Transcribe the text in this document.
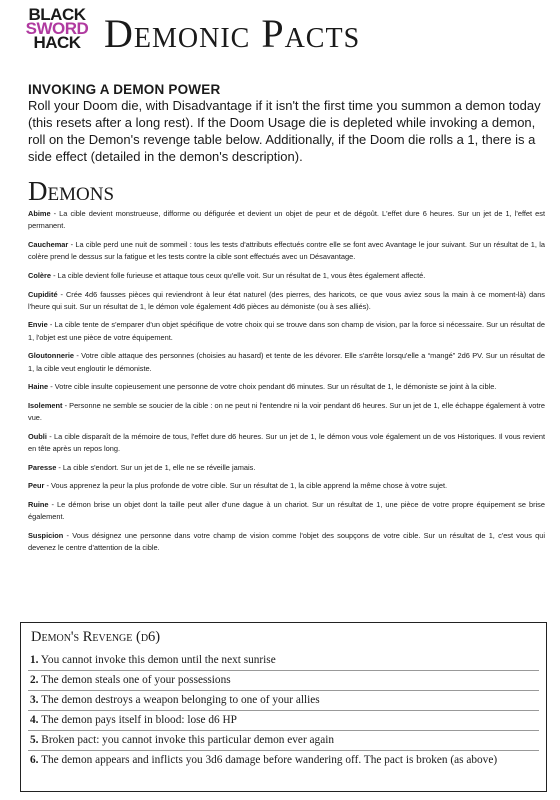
BLACK
SWORD
HACK Demonic Pacts
INVOKING A DEMON POWER
Roll your Doom die, with Disadvantage if it isn't the first time you summon a demon today (this resets after a long rest). If the Doom Usage die is depleted while invoking a demon, roll on the Demon's revenge table below. Additionally, if the Doom die rolls a 1, there is a side effect (detailed in the demon's description).
Demons

Abime - La cible devient monstrueuse, difforme ou défigurée et devient un objet de peur et de dégoût. L'effet dure 6 heures. Sur un jet de 1, l'effet est permanent.

Cauchemar - La cible perd une nuit de sommeil : tous les tests d'attributs effectués contre elle se font avec Avantage le jour suivant. Sur un résultat de 1, la colère prend le dessus sur la fatigue et les tests contre la cible sont effectués avec un Désavantage.

Colère - La cible devient folle furieuse et attaque tous ceux qu'elle voit. Sur un résultat de 1, vous êtes également affecté.

Cupidité - Crée 4d6 fausses pièces qui reviendront à leur état naturel (des pierres, des haricots, ce que vous aviez sous la main à ce moment-là) dans l'heure qui suit. Sur un résultat de 1, le démon vole également 4d6 pièces au démoniste (ou à ses alliés).

Envie - La cible tente de s'emparer d'un objet spécifique de votre choix qui se trouve dans son champ de vision, par la force si nécessaire. Sur un résultat de 1, l'objet est une pièce de votre équipement.

Gloutonnerie - Votre cible attaque des personnes (choisies au hasard) et tente de les dévorer. Elle s'arrête lorsqu'elle a “mangé” 2d6 PV. Sur un résultat de 1, la cible veut engloutir le démoniste.

Haine - Votre cible insulte copieusement une personne de votre choix pendant d6 minutes. Sur un résultat de 1, le démoniste se joint à la cible.

Isolement - Personne ne semble se soucier de la cible : on ne peut ni l'entendre ni la voir pendant d6 heures. Sur un jet de 1, elle échappe également à votre vue.

Oubli - La cible disparaît de la mémoire de tous, l'effet dure d6 heures. Sur un jet de 1, le démon vous vole également un de vos Historiques. Il vous revient en tête après un repos long.

Paresse - La cible s'endort. Sur un jet de 1, elle ne se réveille jamais.

Peur - Vous apprenez la peur la plus profonde de votre cible. Sur un résultat de 1, la cible apprend la même chose à votre sujet.

Ruine - Le démon brise un objet dont la taille peut aller d'une dague à un chariot. Sur un résultat de 1, une pièce de votre propre équipement se brise également.

Suspicion - Vous désignez une personne dans votre champ de vision comme l'objet des soupçons de votre cible. Sur un résultat de 1, c'est vous qui devenez le centre d'attention de la cible.

Demon's Revenge (d6)
1. You cannot invoke this demon until the next sunrise
2. The demon steals one of your possessions
3. The demon destroys a weapon belonging to one of your allies
4. The demon pays itself in blood: lose d6 HP
5. Broken pact: you cannot invoke this particular demon ever again
6. The demon appears and inflicts you 3d6 damage before wandering off. The pact is broken (as above)
